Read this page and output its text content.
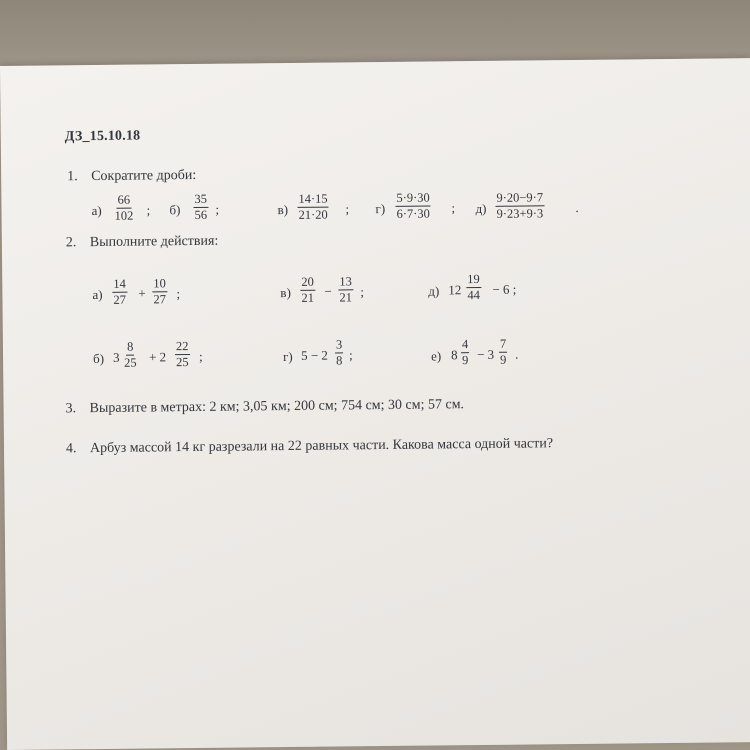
ДЗ_15.10.18
1. Сократите дроби:
$а) \frac{66}{102}$ ; $б) \frac{35}{56}$ ;	$в) \frac{14\cdot 15}{21\cdot 20}$ ; $г) \frac{5\cdot 9\cdot 30}{6\cdot 7\cdot 30}$ ; $д) \frac{9\cdot 20-9\cdot 7}{9\cdot 23+9\cdot 3}$ .
2. Выполните действия:
$а) \frac{14}{27} + \frac{10}{27}$ ;	$в) \frac{20}{21} - \frac{13}{21}$ ;	д) $12 \frac{19}{44} - 6$ ;
б) $3 \frac{8}{25} + 2 \frac{22}{25}$ ;	г) $5 - 2 \frac{3}{8}$ ;	е) $8 \frac{4}{9} - 3 \frac{7}{9}$ .
3. Выразите в метрах: 2 км; 3,05 км; 200 см; 754 см; 30 см; 57 см.
4. Арбуз массой 14 кг разрезали на 22 равных части. Какова масса одной части?
